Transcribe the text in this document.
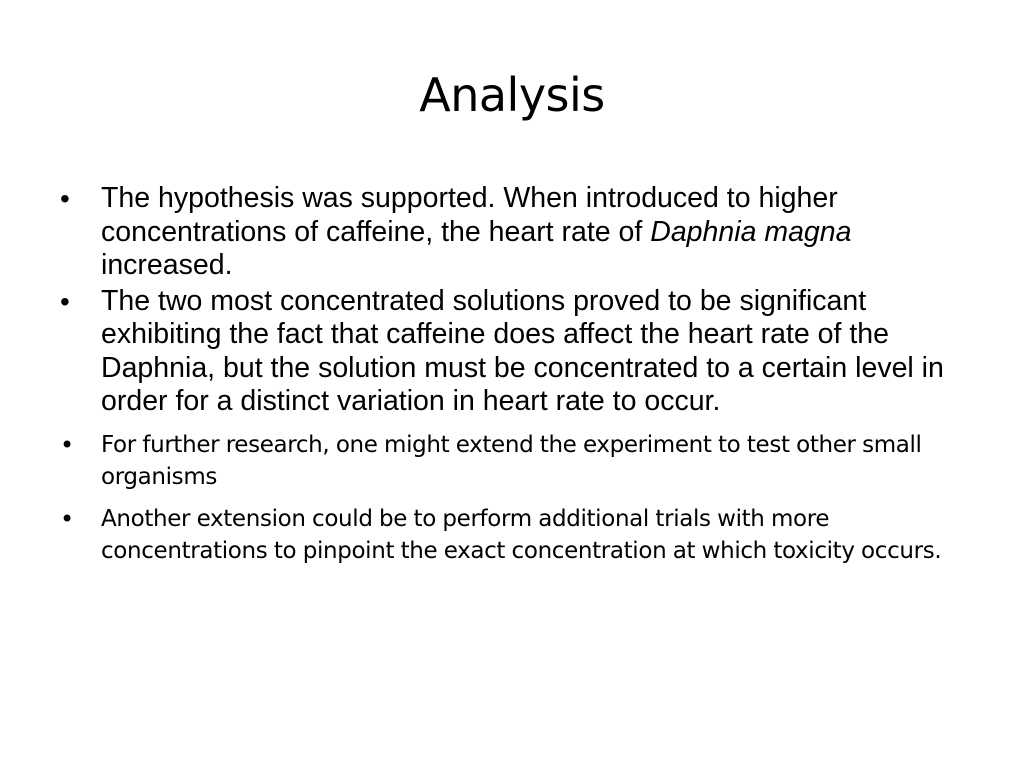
Analysis
• The hypothesis was supported. When introduced to higher concentrations of caffeine, the heart rate of Daphnia magna increased.
• The two most concentrated solutions proved to be significant exhibiting the fact that caffeine does affect the heart rate of the Daphnia, but the solution must be concentrated to a certain level in order for a distinct variation in heart rate to occur.
• For further research, one might extend the experiment to test other small organisms
• Another extension could be to perform additional trials with more concentrations to pinpoint the exact concentration at which toxicity occurs.
